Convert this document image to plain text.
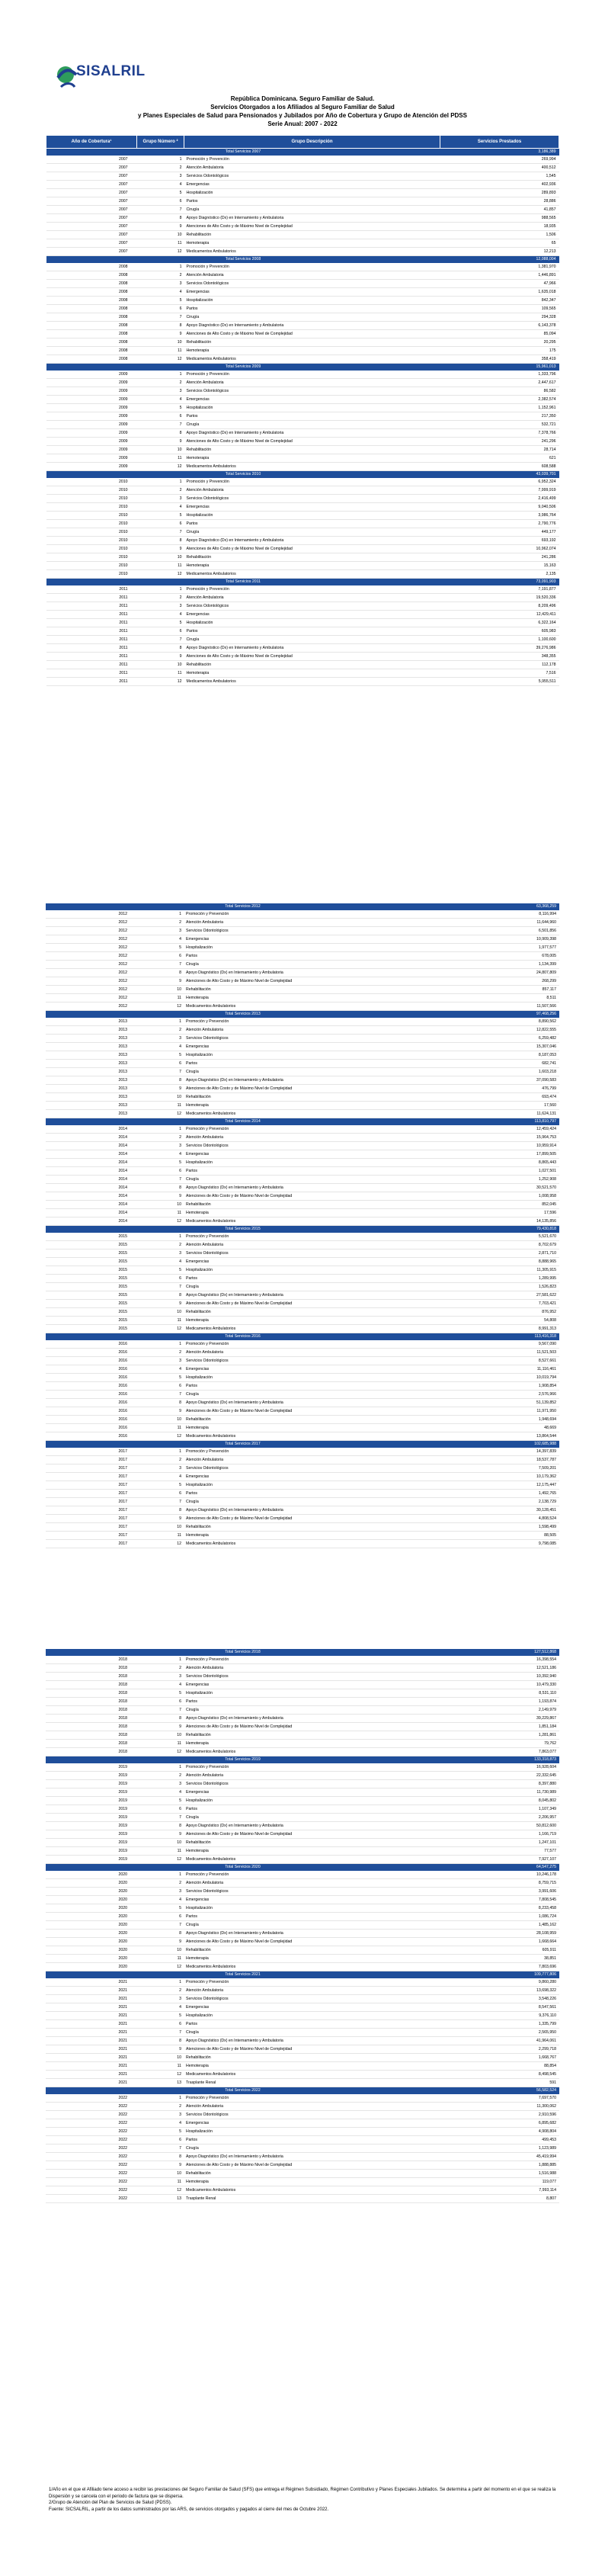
SISALRIL
República Dominicana. Seguro Familiar de Salud.
Servicios Otorgados a los Afiliados al Seguro Familiar de Salud
y Planes Especiales de Salud para Pensionados y Jubilados por Año de Cobertura y Grupo de Atención del PDSS
Serie Anual: 2007 - 2022
Año de Cobertura¹	Grupo Número ²	Grupo Descripción	Servicios Prestados
Total Servicios 2007			3,186,389
2007	1	Promoción y Prevención	269,994
2007	2	Atención Ambulatoria	400,512
2007	3	Servicios Odontológicos	1,545
2007	4	Emergencias	402,936
2007	5	Hospitalización	289,893
2007	6	Partos	28,886
2007	7	Cirugía	41,857
2007	8	Apoyo Diagnóstico (Dx) en Internamiento y Ambulatoria	988,565
2007	9	Atenciones de Alto Costo y de Máximo Nivel de Complejidad	18,935
2007	10	Rehabilitación	1,506
2007	11	Hemoterapia	65
2007	12	Medicamentos Ambulatorios	12,213
Total Servicios 2008			12,088,004
2008	1	Promoción y Prevención	1,381,970
2008	2	Atención Ambulatoria	1,446,891
2008	3	Servicios Odontológicos	47,966
2008	4	Emergencias	1,635,018
2008	5	Hospitalización	842,347
2008	6	Partos	109,565
2008	7	Cirugía	294,328
2008	8	Apoyo Diagnóstico (Dx) en Internamiento y Ambulatoria	6,143,378
2008	9	Atenciones de Alto Costo y de Máximo Nivel de Complejidad	85,094
2008	10	Rehabilitación	20,295
2008	11	Hemoterapia	175
2008	12	Medicamentos Ambulatorios	358,419
Total Servicios 2009			15,961,013
2009	1	Promoción y Prevención	1,333,796
2009	2	Atención Ambulatoria	2,447,617
2009	3	Servicios Odontológicos	86,582
2009	4	Emergencias	2,382,574
2009	5	Hospitalización	1,152,961
2009	6	Partos	217,350
2009	7	Cirugía	532,721
2009	8	Apoyo Diagnóstico (Dx) en Internamiento y Ambulatoria	7,378,766
2009	9	Atenciones de Alto Costo y de Máximo Nivel de Complejidad	241,296
2009	10	Rehabilitación	28,714
2009	11	Hemoterapia	621
2009	12	Medicamentos Ambulatorios	608,588
Total Servicios 2010			43,039,701
2010	1	Promoción y Prevención	6,952,324
2010	2	Atención Ambulatoria	7,999,919
2010	3	Servicios Odontológicos	2,416,499
2010	4	Emergencias	9,040,506
2010	5	Hospitalización	3,986,764
2010	6	Partos	2,790,776
2010	7	Cirugía	449,177
2010	8	Apoyo Diagnóstico (Dx) en Internamiento y Ambulatoria	693,192
2010	9	Atenciones de Alto Costo y de Máximo Nivel de Complejidad	10,962,074
2010	10	Rehabilitación	241,286
2010	11	Hemoterapia	15,163
2010	12	Medicamentos Ambulatorios	2,135
Total Servicios 2011			73,091,903
2011	1	Promoción y Prevención	7,191,877
2011	2	Atención Ambulatoria	19,520,336
2011	3	Servicios Odontológicos	8,209,496
2011	4	Emergencias	12,429,411
2011	5	Hospitalización	6,322,164
2011	6	Partos	605,983
2011	7	Cirugía	1,100,600
2011	8	Apoyo Diagnóstico (Dx) en Internamiento y Ambulatoria	39,276,986
2011	9	Atenciones de Alto Costo y de Máximo Nivel de Complejidad	348,355
2011	10	Rehabilitación	112,178
2011	11	Hemoterapia	7,516
2011	12	Medicamentos Ambulatorios	5,955,511
Total Servicios 2012			63,368,259
2012	1	Promoción y Prevención	8,116,994
2012	2	Atención Ambulatoria	11,644,960
2012	3	Servicios Odontológicos	6,501,856
2012	4	Emergencias	10,909,398
2012	5	Hospitalización	1,977,577
2012	6	Partos	678,005
2012	7	Cirugía	1,134,399
2012	8	Apoyo Diagnóstico (Dx) en Internamiento y Ambulatoria	24,807,809
2012	9	Atenciones de Alto Costo y de Máximo Nivel de Complejidad	268,299
2012	10	Rehabilitación	857,117
2012	11	Hemoterapia	8,511
2012	12	Medicamentos Ambulatorios	11,507,566
Total Servicios 2013			97,468,256
2013	1	Promoción y Prevención	8,890,562
2013	2	Atención Ambulatoria	12,822,555
2013	3	Servicios Odontológicos	6,259,482
2013	4	Emergencias	15,307,046
2013	5	Hospitalización	8,187,053
2013	6	Partos	682,741
2013	7	Cirugía	1,603,218
2013	8	Apoyo Diagnóstico (Dx) en Internamiento y Ambulatoria	37,090,583
2013	9	Atenciones de Alto Costo y de Máximo Nivel de Complejidad	476,799
2013	10	Rehabilitación	693,474
2013	11	Hemoterapia	17,560
2013	12	Medicamentos Ambulatorios	11,624,131
Total Servicios 2014			113,810,797
2014	1	Promoción y Prevención	12,459,424
2014	2	Atención Ambulatoria	15,964,753
2014	3	Servicios Odontológicos	10,959,914
2014	4	Emergencias	17,899,505
2014	5	Hospitalización	8,865,443
2014	6	Partos	1,027,501
2014	7	Cirugía	1,252,908
2014	8	Apoyo Diagnóstico (Dx) en Internamiento y Ambulatoria	30,521,570
2014	9	Atenciones de Alto Costo y de Máximo Nivel de Complejidad	1,008,958
2014	10	Rehabilitación	852,045
2014	11	Hemoterapia	17,596
2014	12	Medicamentos Ambulatorios	14,135,856
Total Servicios 2015			79,430,818
2015	1	Promoción y Prevención	5,521,670
2015	2	Atención Ambulatoria	8,702,679
2015	3	Servicios Odontológicos	2,871,710
2015	4	Emergencias	8,888,965
2015	5	Hospitalización	11,305,915
2015	6	Partos	1,289,995
2015	7	Cirugía	1,526,823
2015	8	Apoyo Diagnóstico (Dx) en Internamiento y Ambulatoria	27,581,622
2015	9	Atenciones de Alto Costo y de Máximo Nivel de Complejidad	7,703,421
2015	10	Rehabilitación	876,952
2015	11	Hemoterapia	54,808
2015	12	Medicamentos Ambulatorios	8,991,313
Total Servicios 2016			113,416,318
2016	1	Promoción y Prevención	9,567,090
2016	2	Atención Ambulatoria	11,521,503
2016	3	Servicios Odontológicos	8,527,661
2016	4	Emergencias	11,116,461
2016	5	Hospitalización	10,019,794
2016	6	Partos	1,908,854
2016	7	Cirugía	2,576,966
2016	8	Apoyo Diagnóstico (Dx) en Internamiento y Ambulatoria	51,139,852
2016	9	Atenciones de Alto Costo y de Máximo Nivel de Complejidad	11,971,950
2016	10	Rehabilitación	1,948,694
2016	11	Hemoterapia	48,669
2016	12	Medicamentos Ambulatorios	13,864,544
Total Servicios 2017			102,685,988
2017	1	Promoción y Prevención	14,397,839
2017	2	Atención Ambulatoria	18,537,787
2017	3	Servicios Odontológicos	7,509,201
2017	4	Emergencias	10,179,362
2017	5	Hospitalización	12,175,447
2017	6	Partos	1,492,765
2017	7	Cirugía	2,138,729
2017	8	Apoyo Diagnóstico (Dx) en Internamiento y Ambulatoria	30,128,451
2017	9	Atenciones de Alto Costo y de Máximo Nivel de Complejidad	4,808,524
2017	10	Rehabilitación	1,598,499
2017	11	Hemoterapia	88,505
2017	12	Medicamentos Ambulatorios	9,798,085
Total Servicios 2018			127,512,868
2018	1	Promoción y Prevención	16,398,554
2018	2	Atención Ambulatoria	12,521,186
2018	3	Servicios Odontológicos	10,392,940
2018	4	Emergencias	10,479,330
2018	5	Hospitalización	8,531,110
2018	6	Partos	1,193,874
2018	7	Cirugía	2,149,979
2018	8	Apoyo Diagnóstico (Dx) en Internamiento y Ambulatoria	39,229,867
2018	9	Atenciones de Alto Costo y de Máximo Nivel de Complejidad	1,851,184
2018	10	Rehabilitación	1,281,861
2018	11	Hemoterapia	79,762
2018	12	Medicamentos Ambulatorios	7,863,077
Total Servicios 2019			133,318,873
2019	1	Promoción y Prevención	16,928,604
2019	2	Atención Ambulatoria	22,332,645
2019	3	Servicios Odontológicos	8,397,880
2019	4	Emergencias	11,730,989
2019	5	Hospitalización	8,045,802
2019	6	Partos	1,107,349
2019	7	Cirugía	2,206,957
2019	8	Apoyo Diagnóstico (Dx) en Internamiento y Ambulatoria	50,812,600
2019	9	Atenciones de Alto Costo y de Máximo Nivel de Complejidad	1,166,719
2019	10	Rehabilitación	1,247,101
2019	11	Hemoterapia	77,577
2019	12	Medicamentos Ambulatorios	7,927,107
Total Servicios 2020			64,547,275
2020	1	Promoción y Prevención	10,246,178
2020	2	Atención Ambulatoria	8,759,715
2020	3	Servicios Odontológicos	3,991,606
2020	4	Emergencias	7,808,545
2020	5	Hospitalización	8,233,458
2020	6	Partos	1,086,724
2020	7	Cirugía	1,485,162
2020	8	Apoyo Diagnóstico (Dx) en Internamiento y Ambulatoria	28,108,959
2020	9	Atenciones de Alto Costo y de Máximo Nivel de Complejidad	1,668,664
2020	10	Rehabilitación	605,911
2020	11	Hemoterapia	38,851
2020	12	Medicamentos Ambulatorios	7,803,696
Total Servicios 2021			109,777,806
2021	1	Promoción y Prevención	9,860,280
2021	2	Atención Ambulatoria	13,698,322
2021	3	Servicios Odontológicos	3,548,226
2021	4	Emergencias	8,547,561
2021	5	Hospitalización	9,376,110
2021	6	Partos	1,335,799
2021	7	Cirugía	2,565,950
2021	8	Apoyo Diagnóstico (Dx) en Internamiento y Ambulatoria	41,964,061
2021	9	Atenciones de Alto Costo y de Máximo Nivel de Complejidad	2,299,718
2021	10	Rehabilitación	1,668,767
2021	11	Hemoterapia	88,854
2021	12	Medicamentos Ambulatorios	8,498,545
2021	13	Trasplante Renal	591
Total Servicios 2022			56,582,524
2022	1	Promoción y Prevención	7,697,570
2022	2	Atención Ambulatoria	11,300,062
2022	3	Servicios Odontológicos	2,910,596
2022	4	Emergencias	6,895,682
2022	5	Hospitalización	4,908,804
2022	6	Partos	499,453
2022	7	Cirugía	1,123,989
2022	8	Apoyo Diagnóstico (Dx) en Internamiento y Ambulatoria	45,419,994
2022	9	Atenciones de Alto Costo y de Máximo Nivel de Complejidad	1,888,885
2022	10	Rehabilitación	1,516,988
2022	11	Hemoterapia	119,077
2022	12	Medicamentos Ambulatorios	7,993,114
2022	13	Trasplante Renal	8,807

1/Año en el que el Afiliado tiene acceso a recibir las prestaciones del Seguro Familiar de Salud (SFS) que entrega el Régimen Subsidiado, Régimen Contributivo y Planes Especiales Jubilados. Se determina a partir del momento en el que se realiza la Dispersión y se cancela con el periodo de factura que se dispersa.

2/Grupo de Atención del Plan de Servicios de Salud (PDSS).

Fuente: SICSALRIL, a partir de los datos suministrados por las ARS, de servicios otorgados y pagados al cierre del mes de Octubre 2022.
